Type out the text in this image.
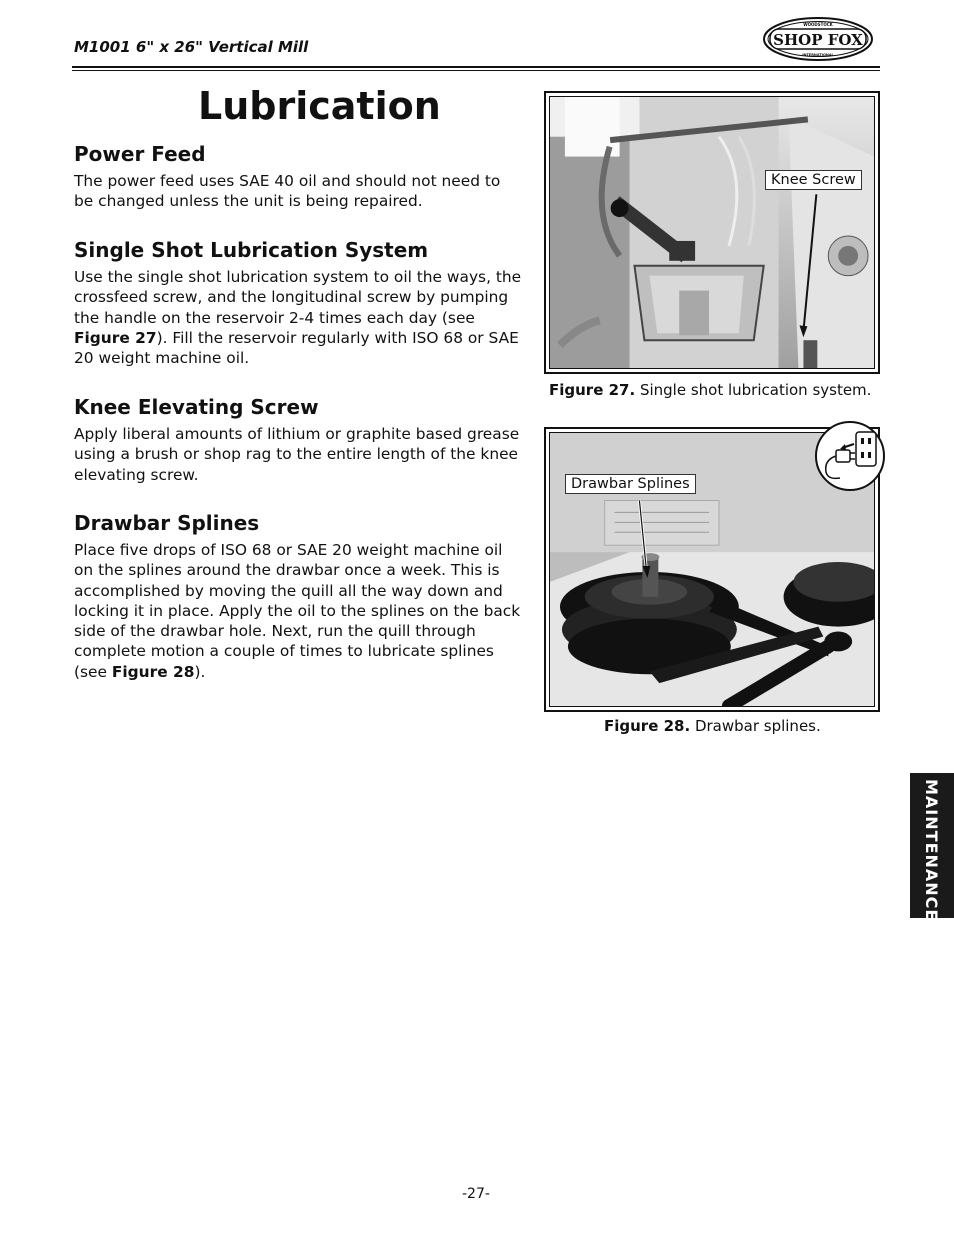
M1001 6" x 26" Vertical Mill	SHOP FOX
WOODSTOCK
INTERNATIONAL
Lubrication
Power Feed

The power feed uses SAE 40 oil and should not need to be changed unless the unit is being repaired.

Single Shot Lubrication System

Use the single shot lubrication system to oil the ways, the crossfeed screw, and the longitudinal screw by pumping the handle on the reservoir 2-4 times each day (see Figure 27). Fill the reservoir regularly with ISO 68 or SAE 20 weight machine oil.

Knee Elevating Screw

Apply liberal amounts of lithium or graphite based grease using a brush or shop rag to the entire length of the knee elevating screw.

Drawbar Splines

Place five drops of ISO 68 or SAE 20 weight machine oil on the splines around the drawbar once a week. This is accomplished by moving the quill all the way down and locking it in place. Apply the oil to the splines on the back side of the drawbar hole. Next, run the quill through complete motion a couple of times to lubricate splines (see Figure 28).

Knee Screw
Figure 27. Single shot lubrication system.
Drawbar Splines
Figure 28. Drawbar splines.
MAINTENANCE
-27-
